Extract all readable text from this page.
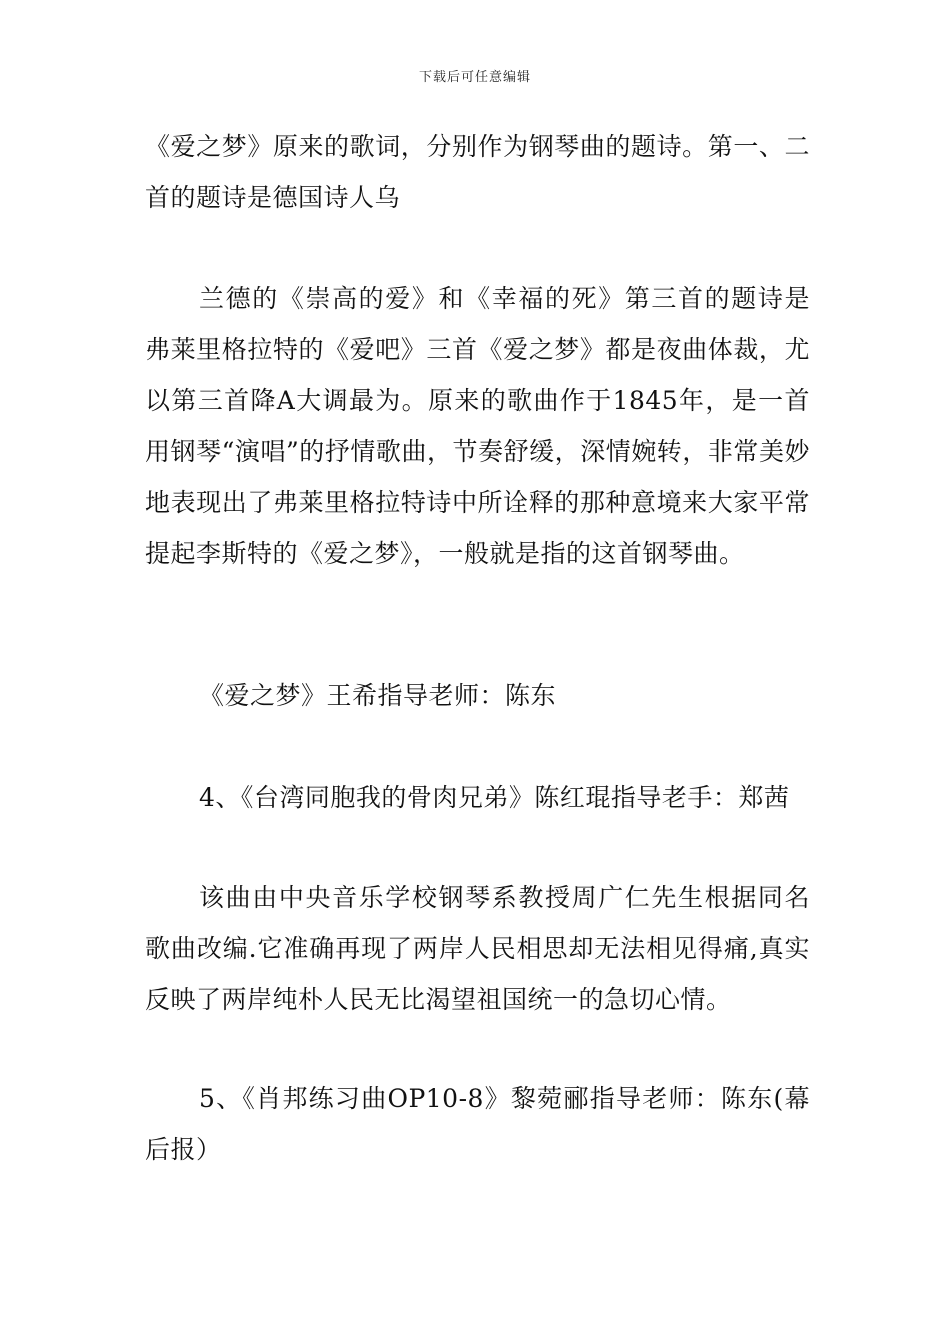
下载后可任意编辑

《爱之梦》原来的歌词，分别作为钢琴曲的题诗。第一、二首的题诗是德国诗人乌

兰德的《崇高的爱》和《幸福的死》第三首的题诗是弗莱里格拉特的《爱吧》三首《爱之梦》都是夜曲体裁，尤以第三首降A大调最为。原来的歌曲作于1845年，是一首用钢琴“演唱”的抒情歌曲，节奏舒缓，深情婉转，非常美妙地表现出了弗莱里格拉特诗中所诠释的那种意境来大家平常提起李斯特的《爱之梦》，一般就是指的这首钢琴曲。

《爱之梦》王希指导老师：陈东

4、《台湾同胞我的骨肉兄弟》陈红琨指导老手：郑茜

该曲由中央音乐学校钢琴系教授周广仁先生根据同名歌曲改编.它准确再现了两岸人民相思却无法相见得痛,真实反映了两岸纯朴人民无比渴望祖国统一的急切心情。

5、《肖邦练习曲OP10-8》黎菀郦指导老师：陈东(幕后报）
